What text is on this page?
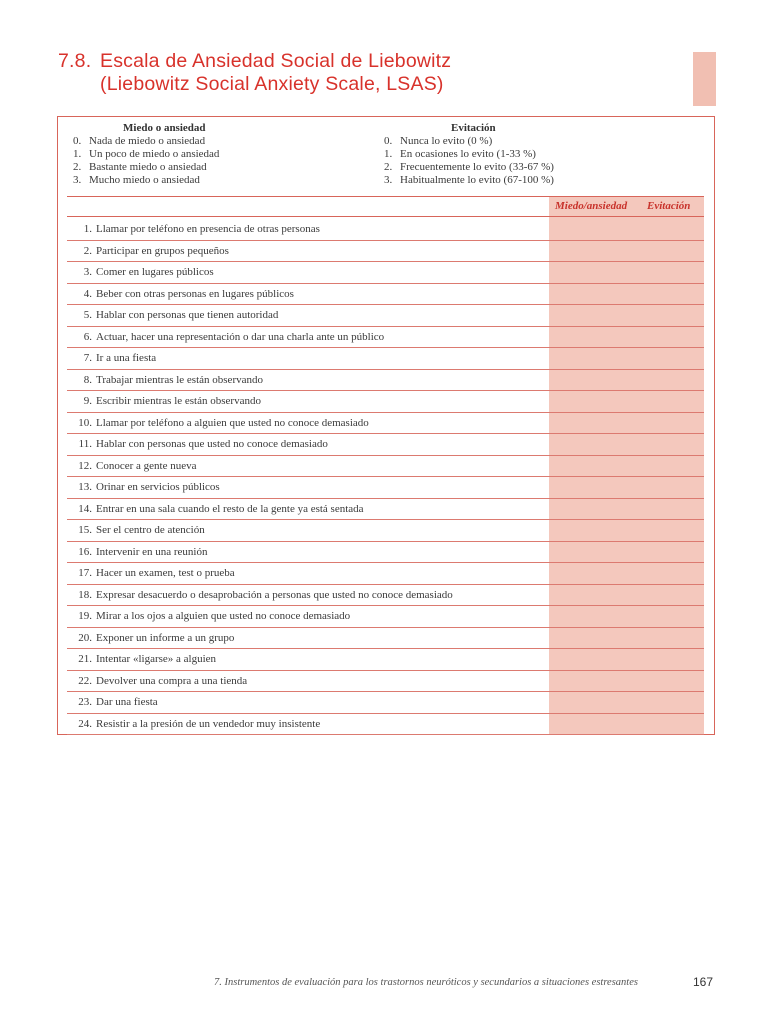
7.8. Escala de Ansiedad Social de Liebowitz
(Liebowitz Social Anxiety Scale, LSAS)
Miedo o ansiedad	Evitación
0. Nada de miedo o ansiedad
1. Un poco de miedo o ansiedad
2. Bastante miedo o ansiedad
3. Mucho miedo o ansiedad
0. Nunca lo evito (0 %)
1. En ocasiones lo evito (1-33 %)
2. Frecuentemente lo evito (33-67 %)
3. Habitualmente lo evito (67-100 %)
Miedo/ansiedad Evitación
1. Llamar por teléfono en presencia de otras personas
2. Participar en grupos pequeños
3. Comer en lugares públicos
4. Beber con otras personas en lugares públicos
5. Hablar con personas que tienen autoridad
6. Actuar, hacer una representación o dar una charla ante un público
7. Ir a una fiesta
8. Trabajar mientras le están observando
9. Escribir mientras le están observando
10. Llamar por teléfono a alguien que usted no conoce demasiado
11. Hablar con personas que usted no conoce demasiado
12. Conocer a gente nueva
13. Orinar en servicios públicos
14. Entrar en una sala cuando el resto de la gente ya está sentada
15. Ser el centro de atención
16. Intervenir en una reunión
17. Hacer un examen, test o prueba
18. Expresar desacuerdo o desaprobación a personas que usted no conoce demasiado
19. Mirar a los ojos a alguien que usted no conoce demasiado
20. Exponer un informe a un grupo
21. Intentar «ligarse» a alguien
22. Devolver una compra a una tienda
23. Dar una fiesta
24. Resistir a la presión de un vendedor muy insistente
7. Instrumentos de evaluación para los trastornos neuróticos y secundarios a situaciones estresantes	167
